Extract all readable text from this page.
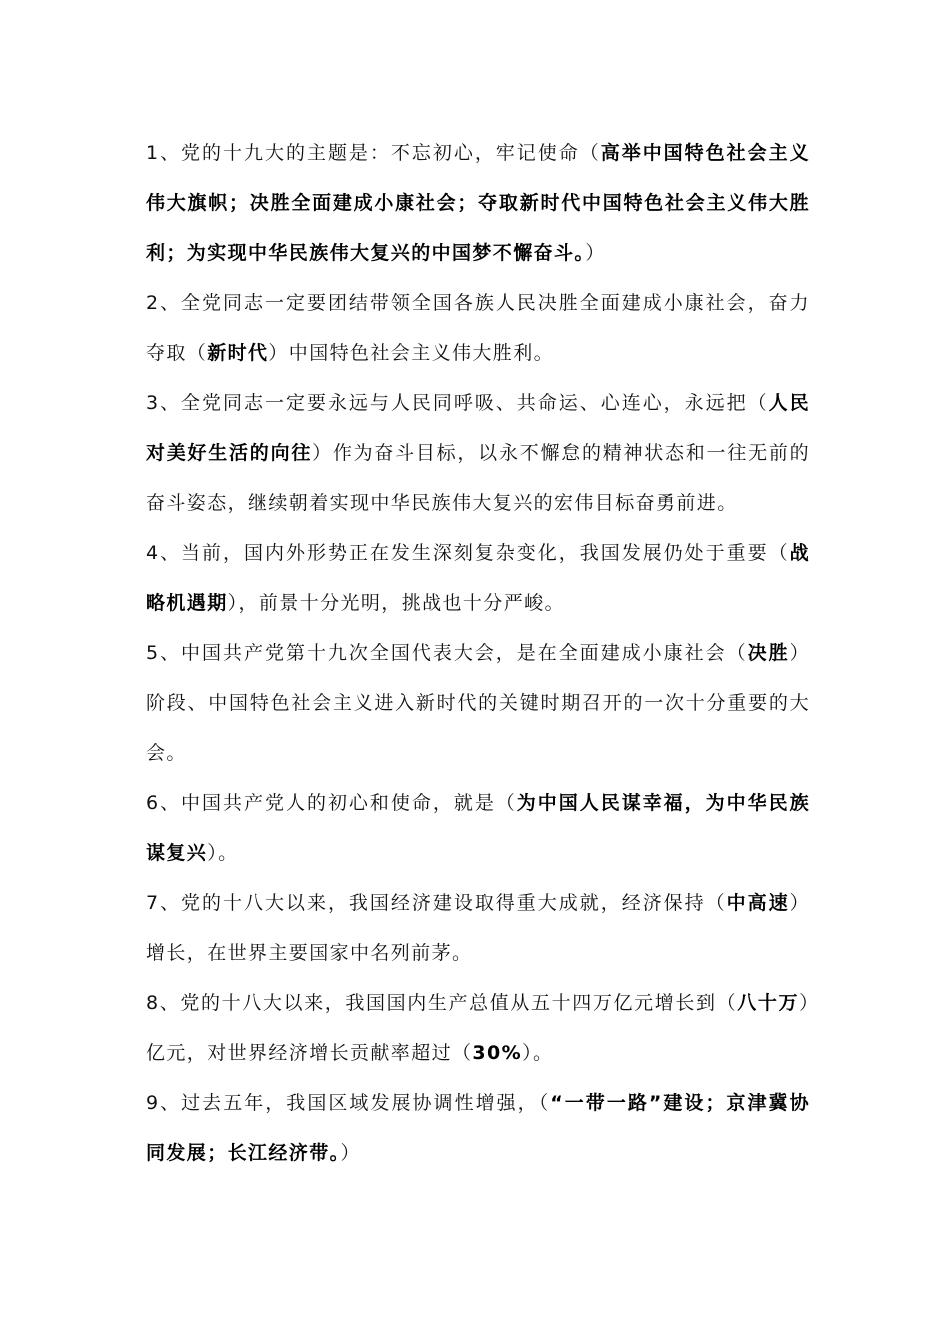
1、党的十九大的主题是：不忘初心，牢记使命（高举中国特色社会主义伟大旗帜；决胜全面建成小康社会；夺取新时代中国特色社会主义伟大胜利；为实现中华民族伟大复兴的中国梦不懈奋斗。）

2、全党同志一定要团结带领全国各族人民决胜全面建成小康社会，奋力夺取（新时代）中国特色社会主义伟大胜利。

3、全党同志一定要永远与人民同呼吸、共命运、心连心，永远把（人民对美好生活的向往）作为奋斗目标，以永不懈怠的精神状态和一往无前的奋斗姿态，继续朝着实现中华民族伟大复兴的宏伟目标奋勇前进。

4、当前，国内外形势正在发生深刻复杂变化，我国发展仍处于重要（战略机遇期），前景十分光明，挑战也十分严峻。

5、中国共产党第十九次全国代表大会，是在全面建成小康社会（决胜）阶段、中国特色社会主义进入新时代的关键时期召开的一次十分重要的大会。

6、中国共产党人的初心和使命，就是（为中国人民谋幸福，为中华民族谋复兴）。

7、党的十八大以来，我国经济建设取得重大成就，经济保持（中高速）增长，在世界主要国家中名列前茅。

8、党的十八大以来，我国国内生产总值从五十四万亿元增长到（八十万）亿元，对世界经济增长贡献率超过（30%）。

9、过去五年，我国区域发展协调性增强，（“一带一路”建设；京津冀协同发展；长江经济带。）
